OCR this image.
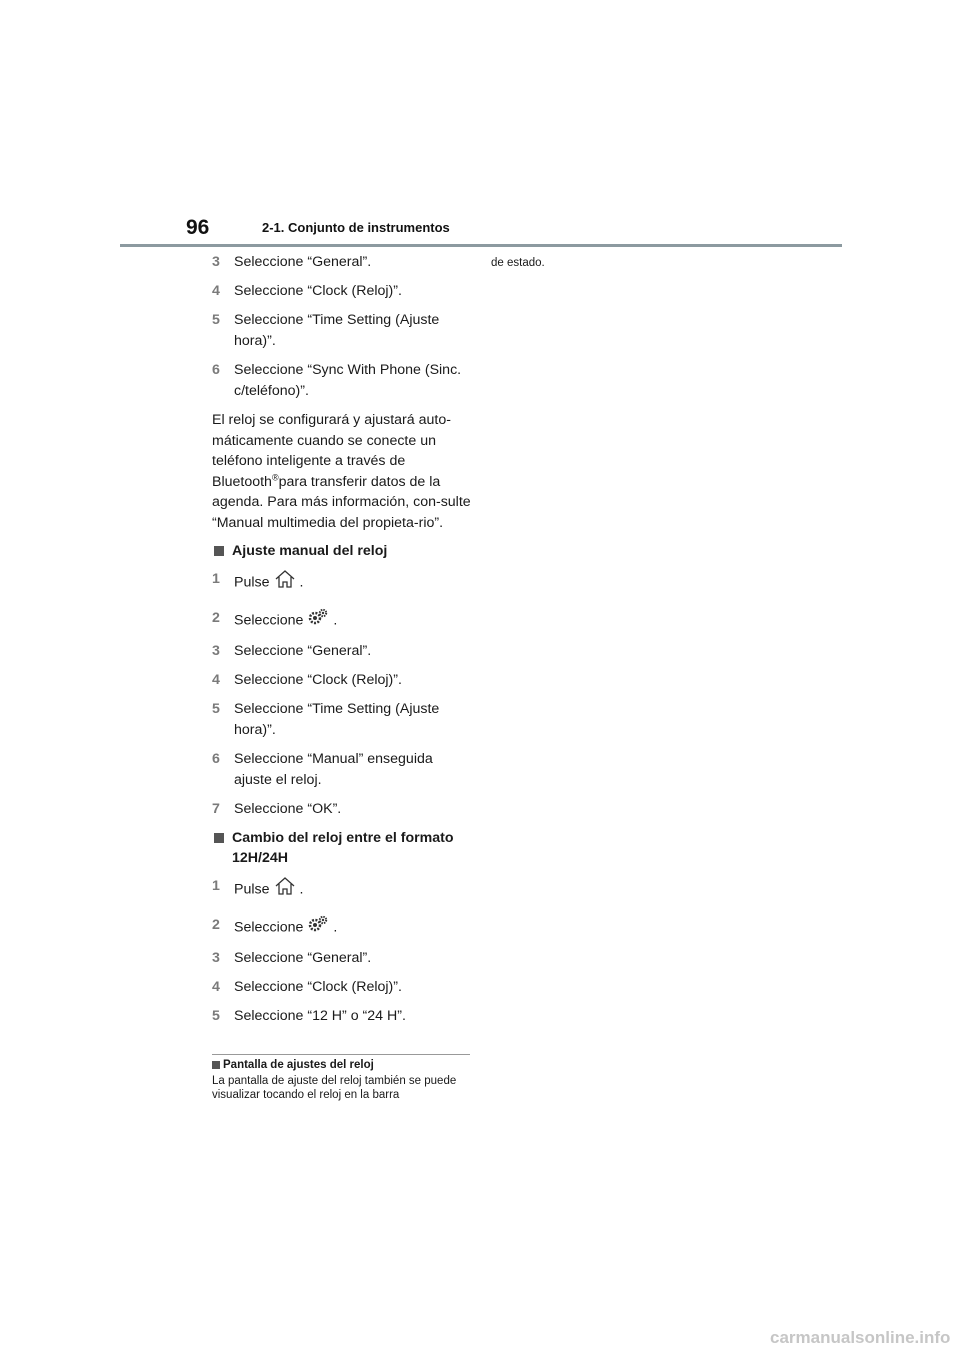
96	2-1. Conjunto de instrumentos
3 Seleccione “General”.
4 Seleccione “Clock (Reloj)”.
5 Seleccione “Time Setting (Ajuste hora)”.
6 Seleccione “Sync With Phone (Sinc. c/teléfono)”.
El reloj se configurará y ajustará auto-máticamente cuando se conecte un teléfono inteligente a través de Bluetooth®para transferir datos de la agenda. Para más información, con-sulte “Manual multimedia del propieta-rio”.
Ajuste manual del reloj
1 Pulse .
2 Seleccione .
3 Seleccione “General”.
4 Seleccione “Clock (Reloj)”.
5 Seleccione “Time Setting (Ajuste hora)”.
6 Seleccione “Manual” enseguida ajuste el reloj.
7 Seleccione “OK”.
Cambio del reloj entre el formato 12H/24H
1 Pulse .
2 Seleccione .
3 Seleccione “General”.
4 Seleccione “Clock (Reloj)”.
5 Seleccione “12 H” o “24 H”.
Pantalla de ajustes del reloj
La pantalla de ajuste del reloj también se puede visualizar tocando el reloj en la barra
de estado.
carmanualsonline.info
